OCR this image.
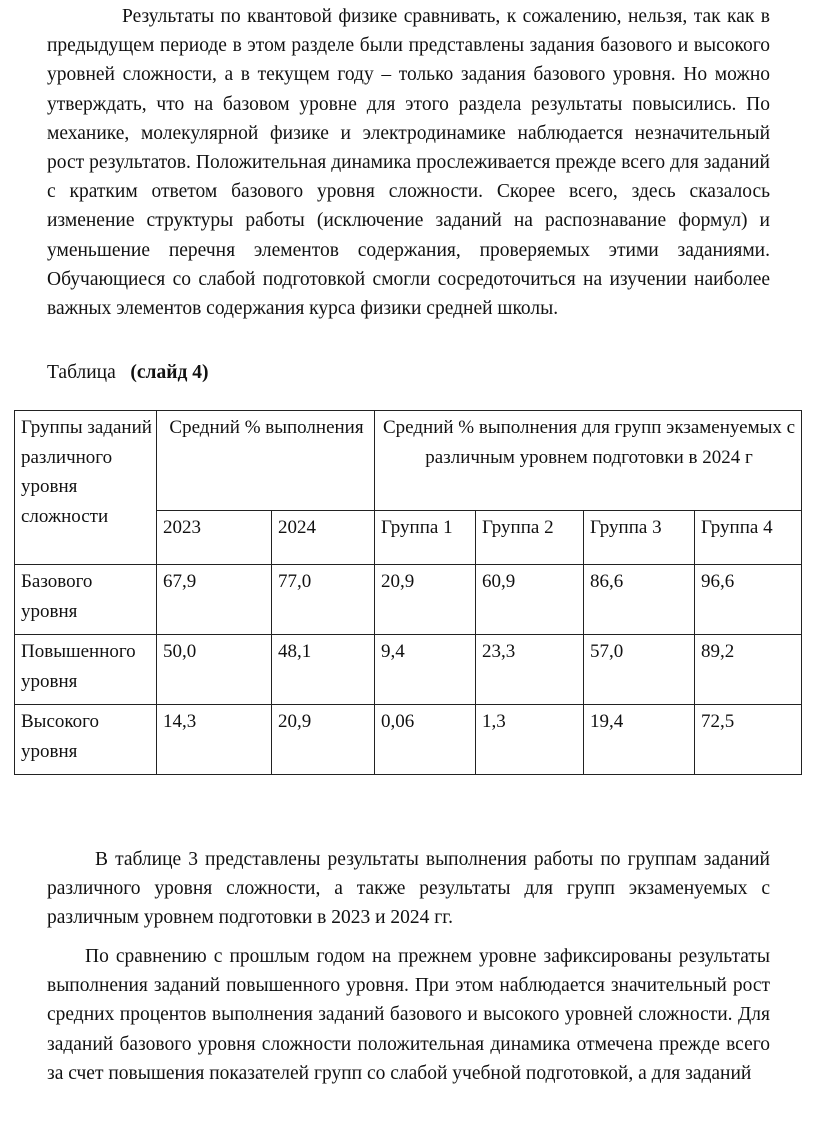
Результаты по квантовой физике сравнивать, к сожалению, нельзя, так как в предыдущем периоде в этом разделе были представлены задания базового и высокого уровней сложности, а в текущем году – только задания базового уровня. Но можно утверждать, что на базовом уровне для этого раздела результаты повысились. По механике, молекулярной физике и электродинамике наблюдается незначительный рост результатов. Положительная динамика прослеживается прежде всего для заданий с кратким ответом базового уровня сложности. Скорее всего, здесь сказалось изменение структуры работы (исключение заданий на распознавание формул) и уменьшение перечня элементов содержания, проверяемых этими заданиями. Обучающиеся со слабой подготовкой смогли сосредоточиться на изучении наиболее важных элементов содержания курса физики средней школы.

Таблица (слайд 4)

Группы заданий различного уровня сложности	Средний % выполнения		Средний % выполнения для групп экзаменуемых с различным уровнем подготовки в 2024 г			
	2023	2024	Группа 1	Группа 2	Группа 3	Группа 4
Базового уровня	67,9	77,0	20,9	60,9	86,6	96,6
Повышенного уровня	50,0	48,1	9,4	23,3	57,0	89,2
Высокого уровня	14,3	20,9	0,06	1,3	19,4	72,5

В таблице 3 представлены результаты выполнения работы по группам заданий различного уровня сложности, а также результаты для групп экзаменуемых с различным уровнем подготовки в 2023 и 2024 гг.

По сравнению с прошлым годом на прежнем уровне зафиксированы результаты выполнения заданий повышенного уровня. При этом наблюдается значительный рост средних процентов выполнения заданий базового и высокого уровней сложности. Для заданий базового уровня сложности положительная динамика отмечена прежде всего за счет повышения показателей групп со слабой учебной подготовкой, а для заданий
